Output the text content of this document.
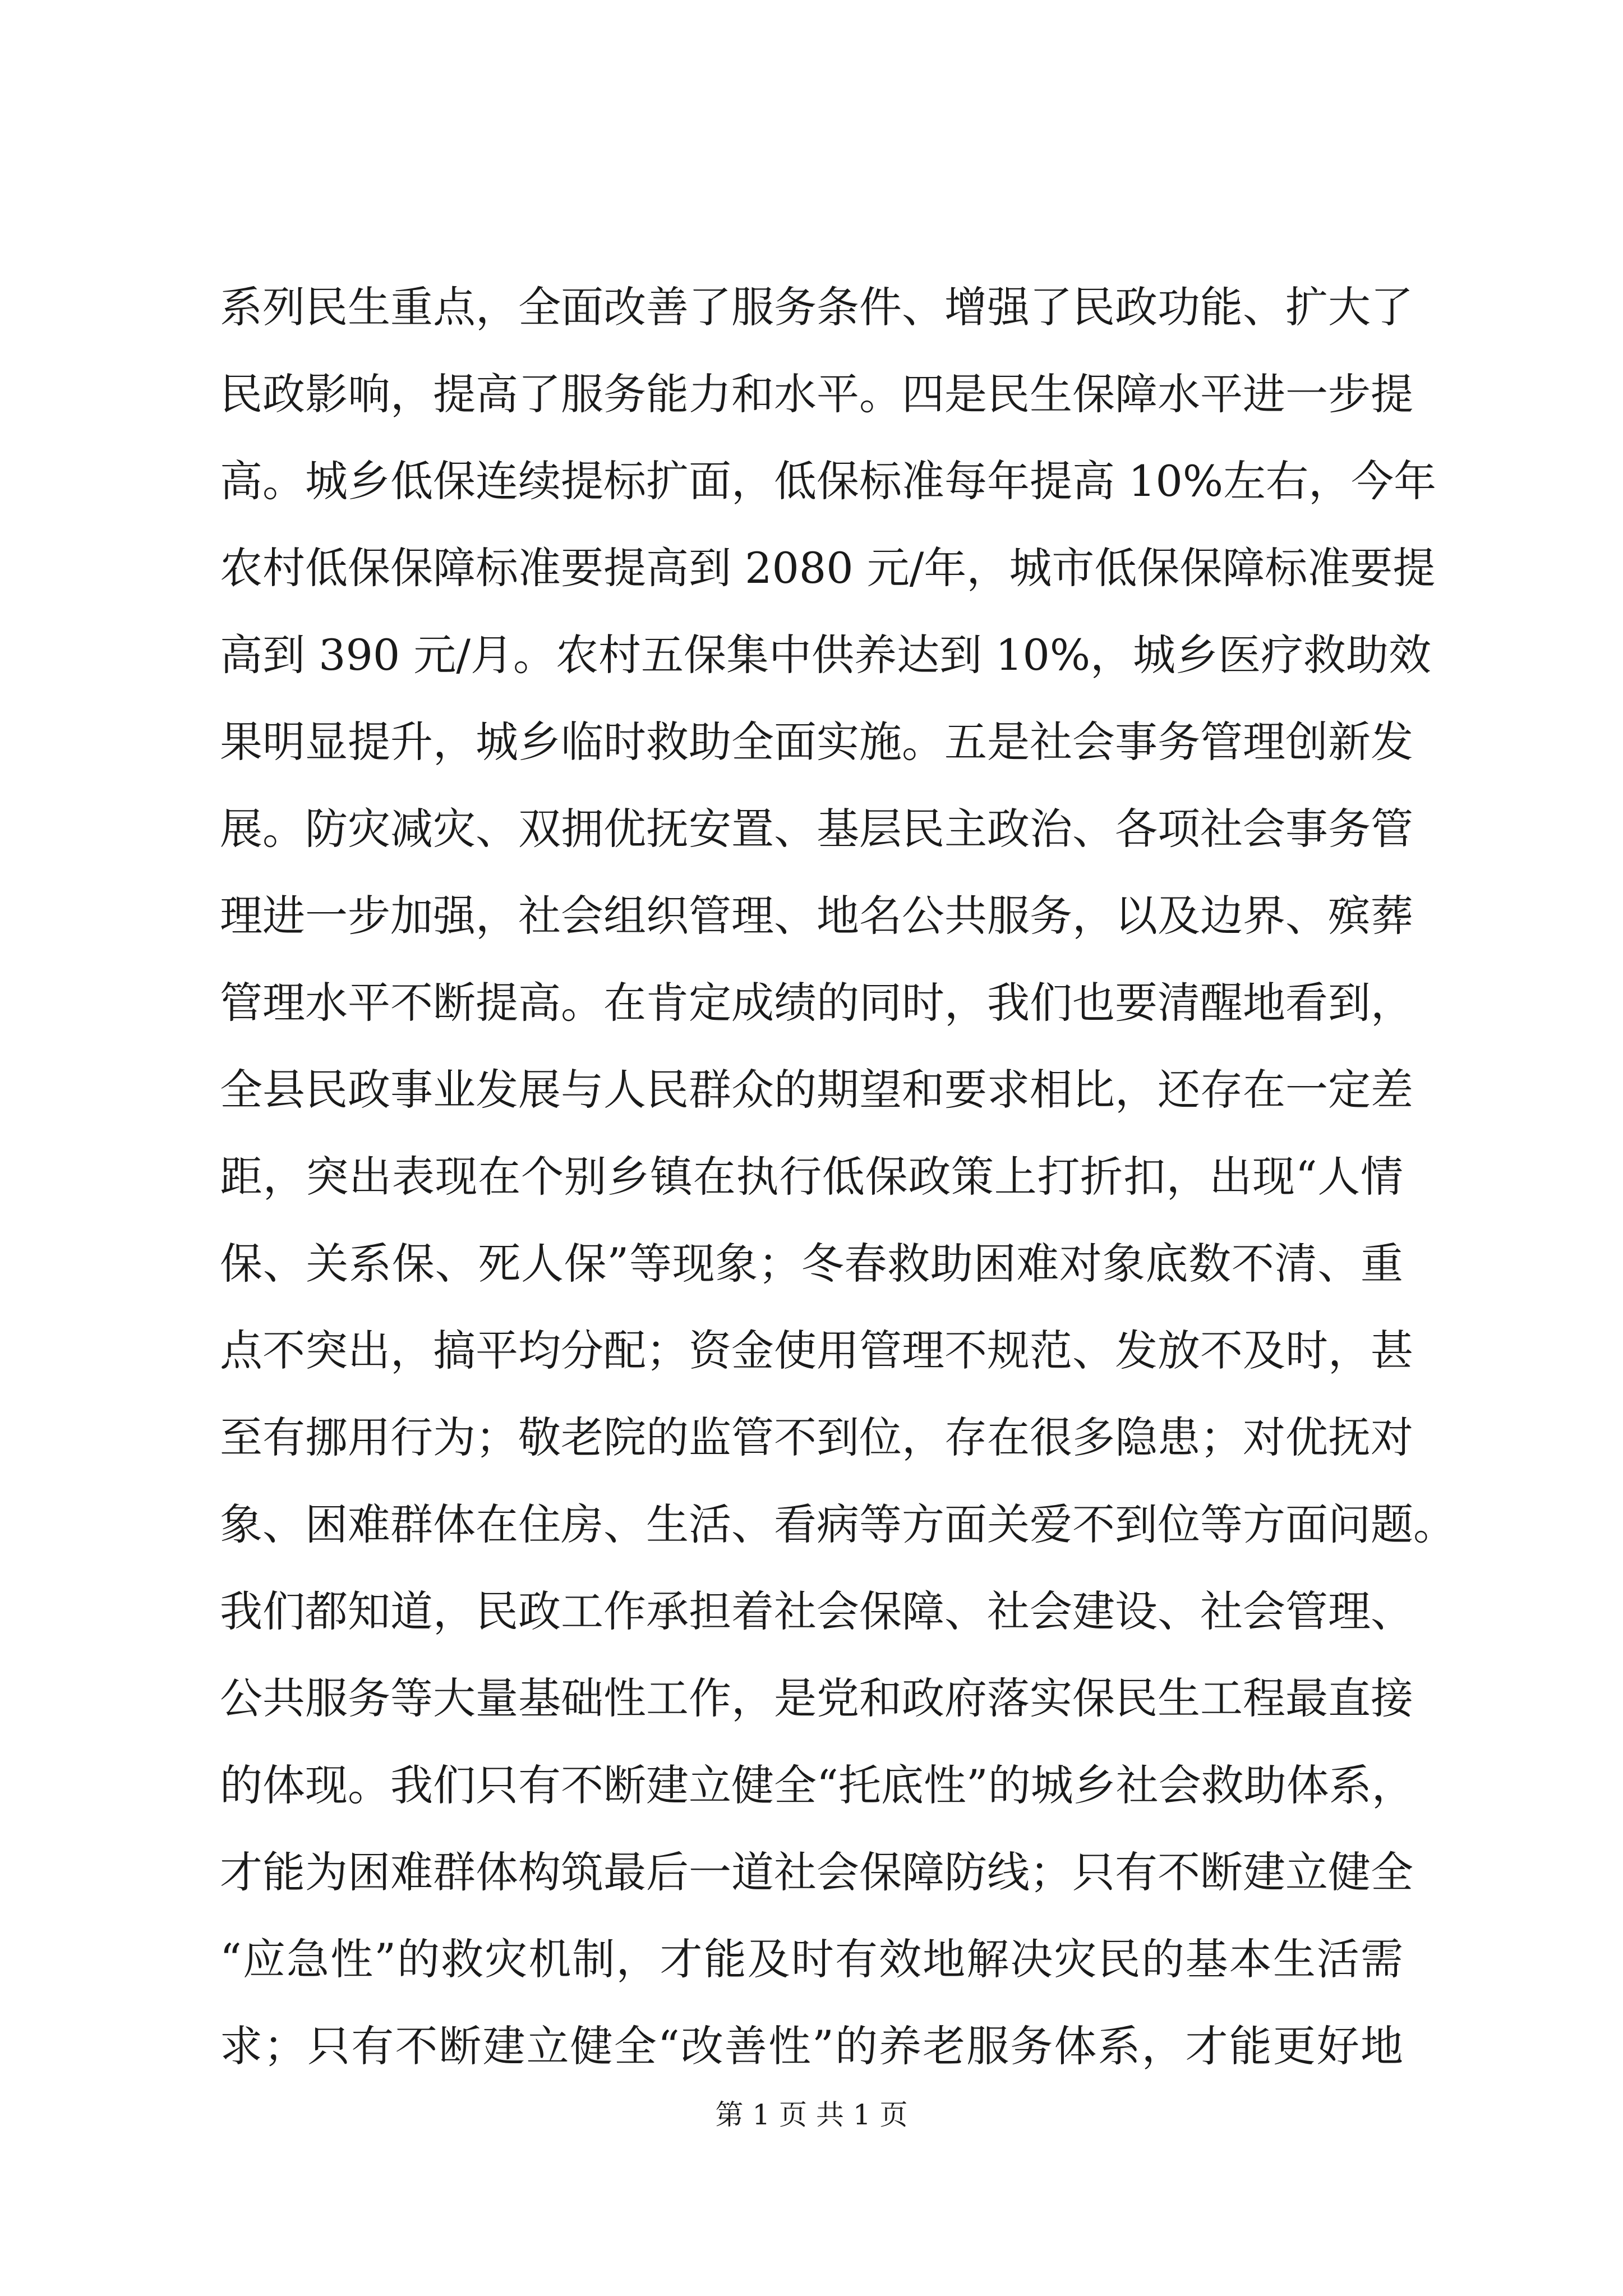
系列民生重点，全面改善了服务条件、增强了民政功能、扩大了
民政影响，提高了服务能力和水平。四是民生保障水平进一步提
高。城乡低保连续提标扩面，低保标准每年提高 10%左右，今年
农村低保保障标准要提高到 2080 元/年，城市低保保障标准要提
高到 390 元/月。农村五保集中供养达到 10%，城乡医疗救助效
果明显提升，城乡临时救助全面实施。五是社会事务管理创新发
展。防灾减灾、双拥优抚安置、基层民主政治、各项社会事务管
理进一步加强，社会组织管理、地名公共服务，以及边界、殡葬
管理水平不断提高。在肯定成绩的同时，我们也要清醒地看到，
全县民政事业发展与人民群众的期望和要求相比，还存在一定差
距，突出表现在个别乡镇在执行低保政策上打折扣，出现“人情
保、关系保、死人保”等现象；冬春救助困难对象底数不清、重
点不突出，搞平均分配；资金使用管理不规范、发放不及时，甚
至有挪用行为；敬老院的监管不到位，存在很多隐患；对优抚对
象、困难群体在住房、生活、看病等方面关爱不到位等方面问题。
我们都知道，民政工作承担着社会保障、社会建设、社会管理、
公共服务等大量基础性工作，是党和政府落实保民生工程最直接
的体现。我们只有不断建立健全“托底性”的城乡社会救助体系，
才能为困难群体构筑最后一道社会保障防线；只有不断建立健全
“应急性”的救灾机制，才能及时有效地解决灾民的基本生活需
求；只有不断建立健全“改善性”的养老服务体系，才能更好地
第 1 页 共 1 页
